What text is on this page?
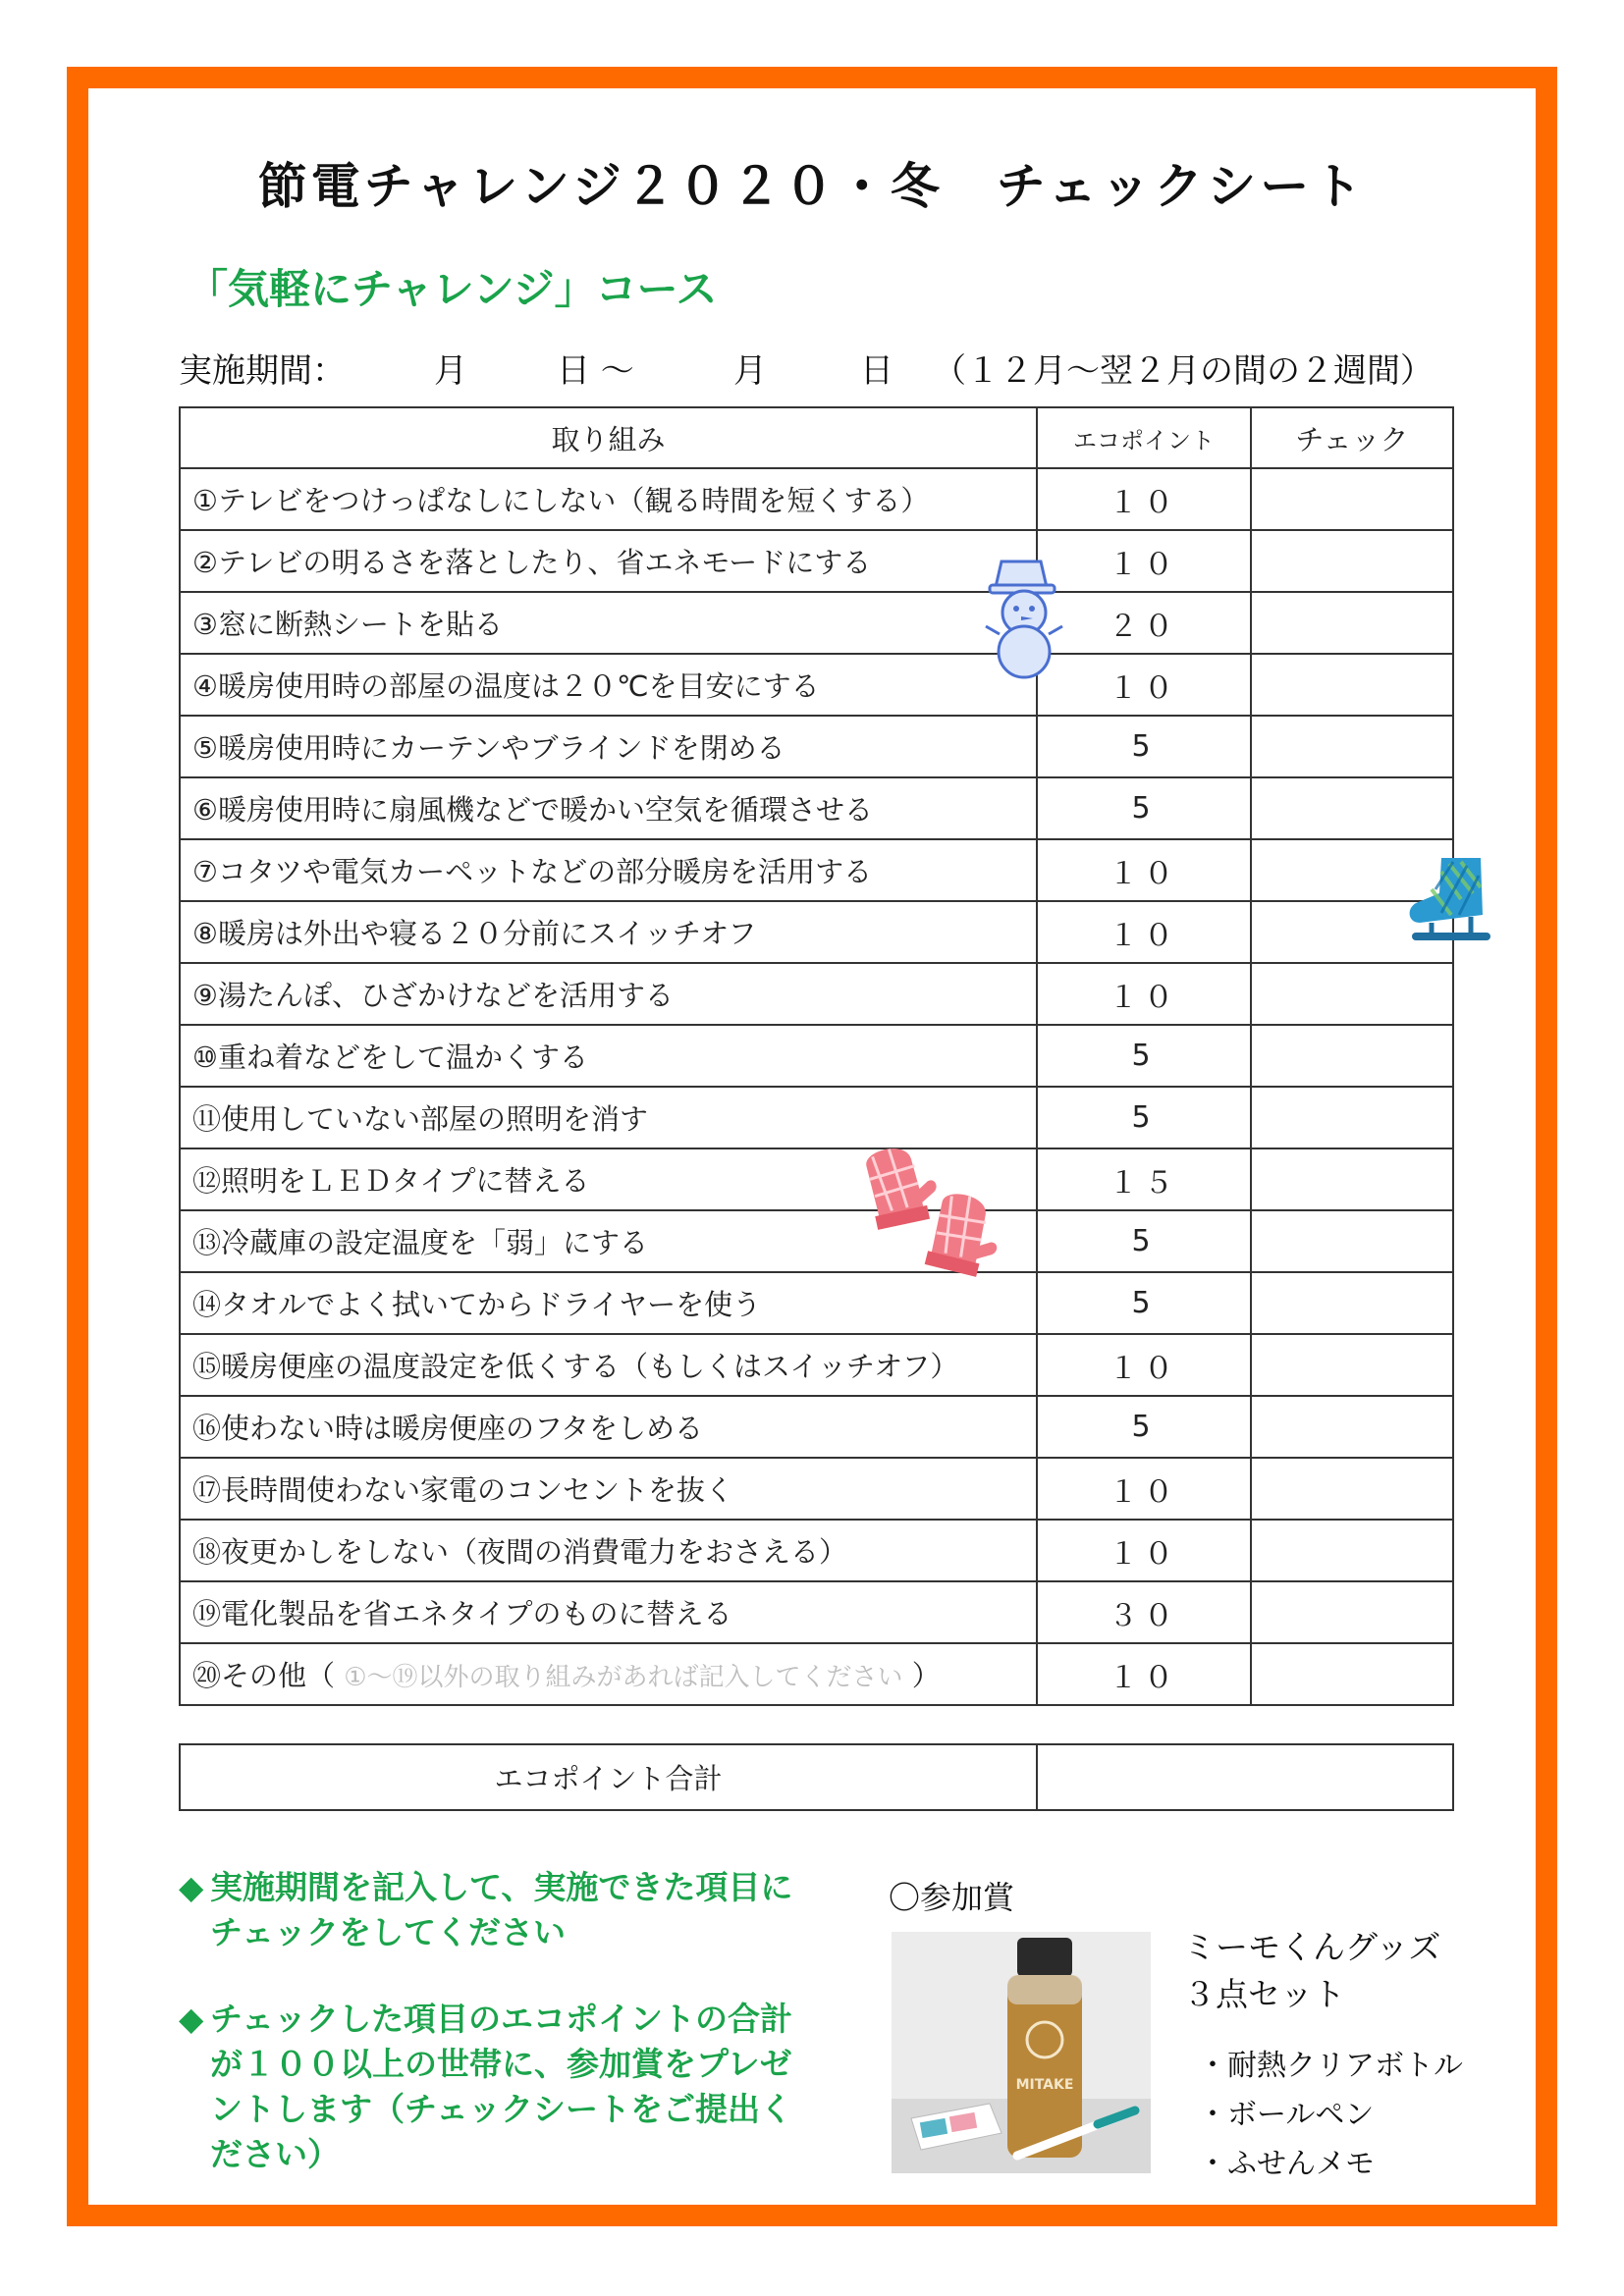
節電チャレンジ２０２０・冬　チェックシート
「気軽にチャレンジ」コース
実施期間：	月	日 ～	月	日 （１２月～翌２月の間の２週間）
取り組み	エコポイント	チェック
①テレビをつけっぱなしにしない（観る時間を短くする）	１０	
②テレビの明るさを落としたり、省エネモードにする	１０	
③窓に断熱シートを貼る	２０	
④暖房使用時の部屋の温度は２０℃を目安にする	１０	
⑤暖房使用時にカーテンやブラインドを閉める	5	
⑥暖房使用時に扇風機などで暖かい空気を循環させる	5	
⑦コタツや電気カーペットなどの部分暖房を活用する	１０	
⑧暖房は外出や寝る２０分前にスイッチオフ	１０	
⑨湯たんぽ、ひざかけなどを活用する	１０	
⑩重ね着などをして温かくする	5	
⑪使用していない部屋の照明を消す	5	
⑫照明をＬＥＤタイプに替える	１５	
⑬冷蔵庫の設定温度を「弱」にする	5	
⑭タオルでよく拭いてからドライヤーを使う	5	
⑮暖房便座の温度設定を低くする（もしくはスイッチオフ）	１０	
⑯使わない時は暖房便座のフタをしめる	5	
⑰長時間使わない家電のコンセントを抜く	１０	
⑱夜更かしをしない（夜間の消費電力をおさえる）	１０	
⑲電化製品を省エネタイプのものに替える	３０	
⑳その他（ ①～⑲以外の取り組みがあれば記入してください ）	１０	
エコポイント合計	
◆ 実施期間を記入して、実施できた項目に
チェックをしてください
◆ チェックした項目のエコポイントの合計
が１００以上の世帯に、参加賞をプレゼ
ントします（チェックシートをご提出く
ださい）
〇参加賞
MITAKE
ミーモくんグッズ
３点セット
・耐熱クリアボトル
・ボールペン
・ふせんメモ
